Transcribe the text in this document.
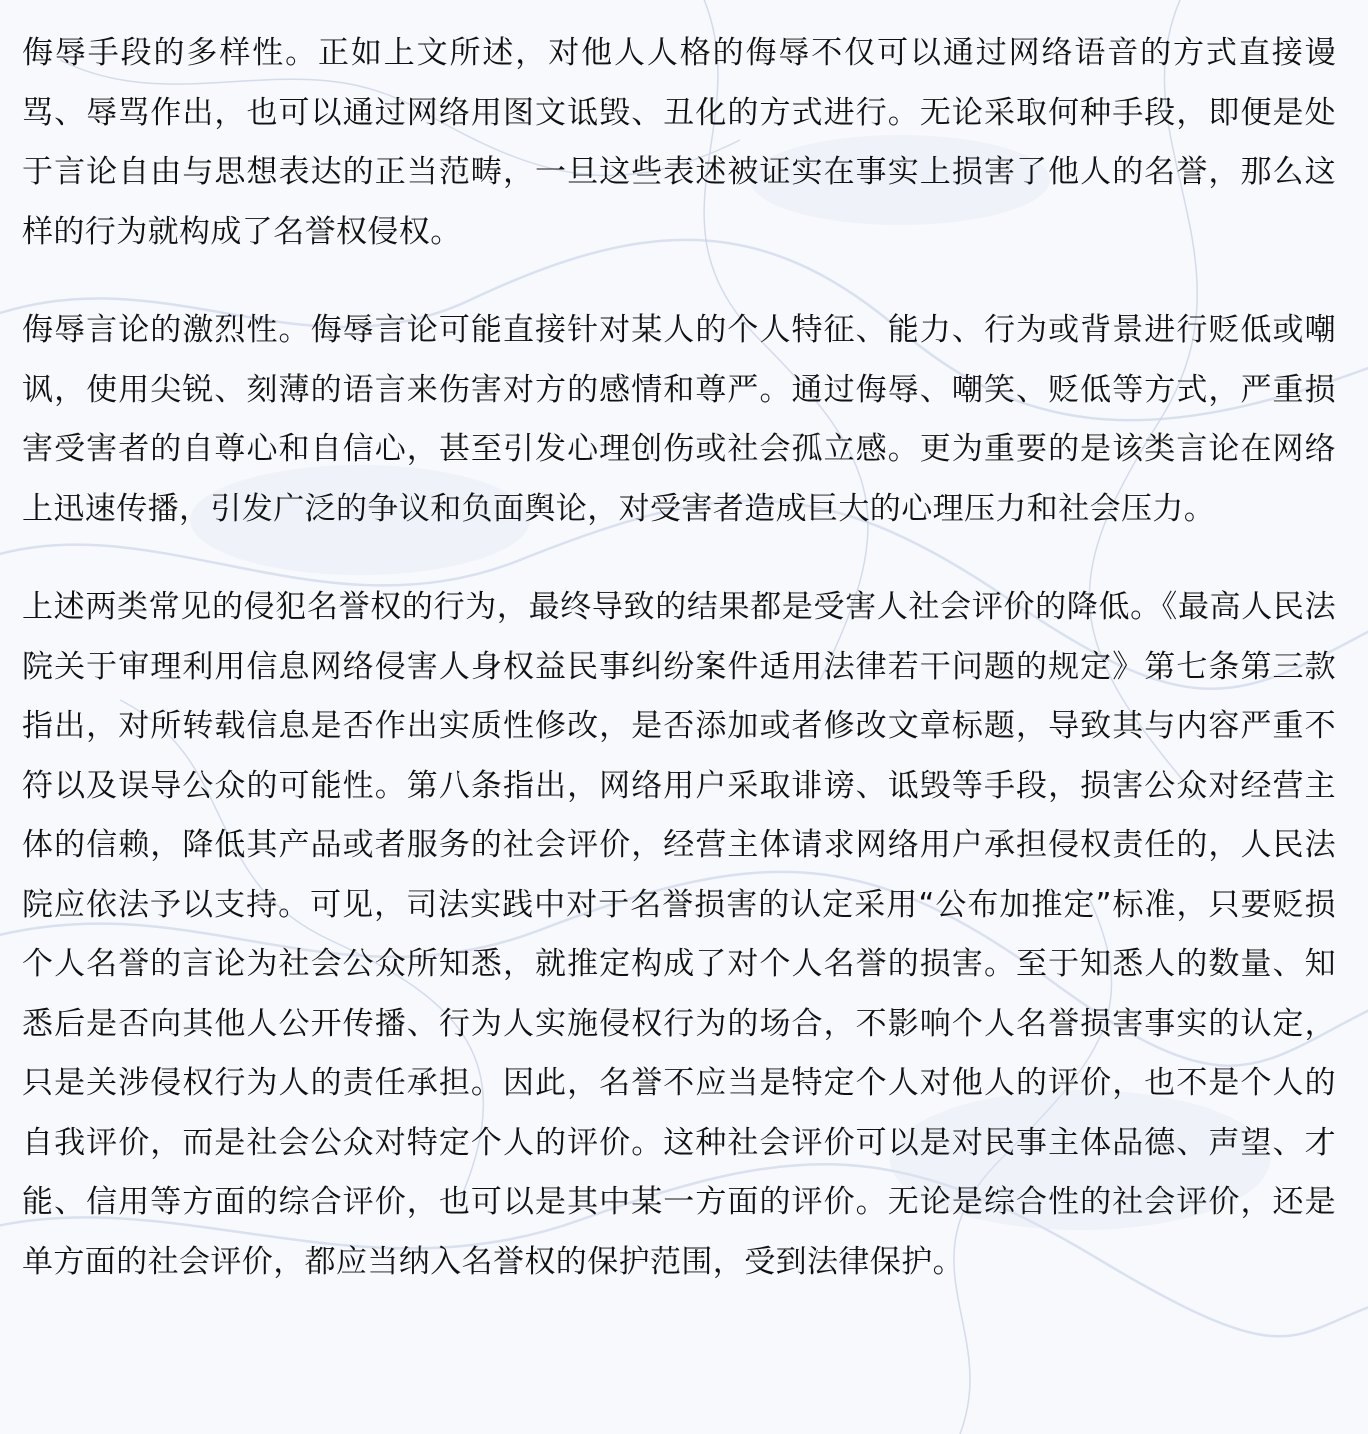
侮辱手段的多样性。正如上文所述，对他人人格的侮辱不仅可以通过网络语音的方式直接谩骂、辱骂作出，也可以通过网络用图文诋毁、丑化的方式进行。无论采取何种手段，即便是处于言论自由与思想表达的正当范畴，一旦这些表述被证实在事实上损害了他人的名誉，那么这样的行为就构成了名誉权侵权。

侮辱言论的激烈性。侮辱言论可能直接针对某人的个人特征、能力、行为或背景进行贬低或嘲讽，使用尖锐、刻薄的语言来伤害对方的感情和尊严。通过侮辱、嘲笑、贬低等方式，严重损害受害者的自尊心和自信心，甚至引发心理创伤或社会孤立感。更为重要的是该类言论在网络上迅速传播，引发广泛的争议和负面舆论，对受害者造成巨大的心理压力和社会压力。

上述两类常见的侵犯名誉权的行为，最终导致的结果都是受害人社会评价的降低。《最高人民法院关于审理利用信息网络侵害人身权益民事纠纷案件适用法律若干问题的规定》第七条第三款指出，对所转载信息是否作出实质性修改，是否添加或者修改文章标题，导致其与内容严重不符以及误导公众的可能性。第八条指出，网络用户采取诽谤、诋毁等手段，损害公众对经营主体的信赖，降低其产品或者服务的社会评价，经营主体请求网络用户承担侵权责任的，人民法院应依法予以支持。可见，司法实践中对于名誉损害的认定采用“公布加推定”标准，只要贬损个人名誉的言论为社会公众所知悉，就推定构成了对个人名誉的损害。至于知悉人的数量、知悉后是否向其他人公开传播、行为人实施侵权行为的场合，不影响个人名誉损害事实的认定，只是关涉侵权行为人的责任承担。因此，名誉不应当是特定个人对他人的评价，也不是个人的自我评价，而是社会公众对特定个人的评价。这种社会评价可以是对民事主体品德、声望、才能、信用等方面的综合评价，也可以是其中某一方面的评价。无论是综合性的社会评价，还是单方面的社会评价，都应当纳入名誉权的保护范围，受到法律保护。
